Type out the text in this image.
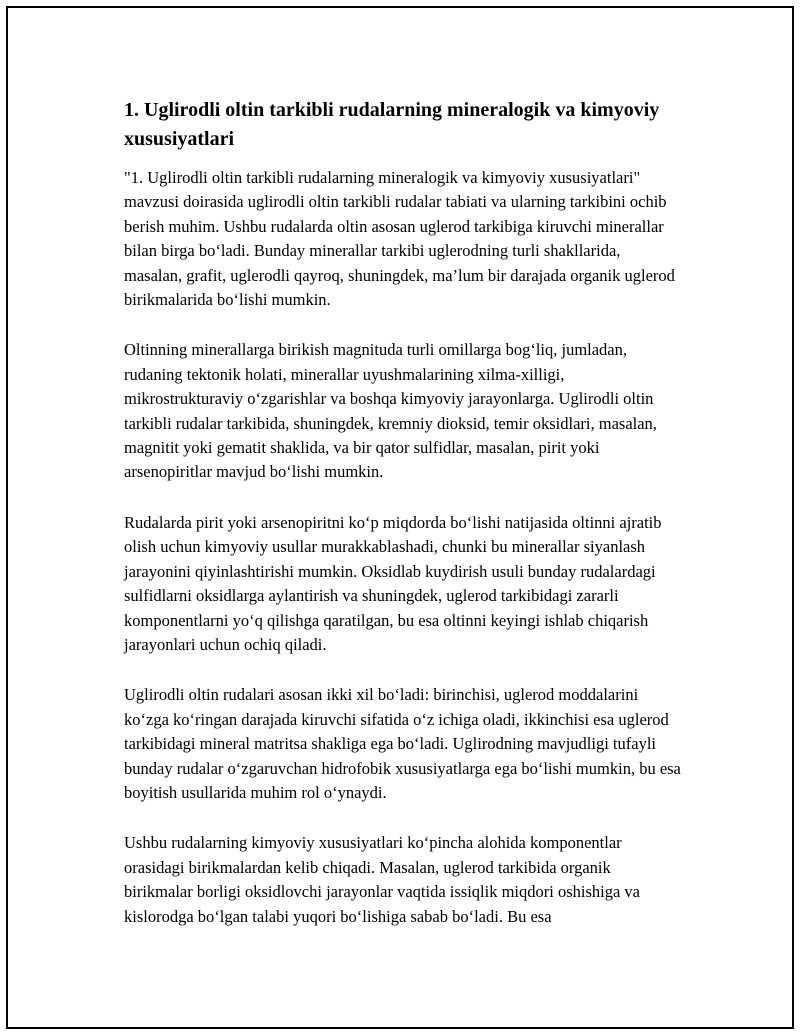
1. Uglirodli oltin tarkibli rudalarning mineralogik va kimyoviy xususiyatlari

"1. Uglirodli oltin tarkibli rudalarning mineralogik va kimyoviy xususiyatlari" mavzusi doirasida uglirodli oltin tarkibli rudalar tabiati va ularning tarkibini ochib berish muhim. Ushbu rudalarda oltin asosan uglerod tarkibiga kiruvchi minerallar bilan birga bo‘ladi. Bunday minerallar tarkibi uglerodning turli shakllarida, masalan, grafit, uglerodli qayroq, shuningdek, ma’lum bir darajada organik uglerod birikmalarida bo‘lishi mumkin.

Oltinning minerallarga birikish magnituda turli omillarga bog‘liq, jumladan, rudaning tektonik holati, minerallar uyushmalarining xilma-xilligi, mikrostrukturaviy o‘zgarishlar va boshqa kimyoviy jarayonlarga. Uglirodli oltin tarkibli rudalar tarkibida, shuningdek, kremniy dioksid, temir oksidlari, masalan, magnitit yoki gematit shaklida, va bir qator sulfidlar, masalan, pirit yoki arsenopiritlar mavjud bo‘lishi mumkin.

Rudalarda pirit yoki arsenopiritni ko‘p miqdorda bo‘lishi natijasida oltinni ajratib olish uchun kimyoviy usullar murakkablashadi, chunki bu minerallar siyanlash jarayonini qiyinlashtirishi mumkin. Oksidlab kuydirish usuli bunday rudalardagi sulfidlarni oksidlarga aylantirish va shuningdek, uglerod tarkibidagi zararli komponentlarni yo‘q qilishga qaratilgan, bu esa oltinni keyingi ishlab chiqarish jarayonlari uchun ochiq qiladi.

Uglirodli oltin rudalari asosan ikki xil bo‘ladi: birinchisi, uglerod moddalarini ko‘zga ko‘ringan darajada kiruvchi sifatida o‘z ichiga oladi, ikkinchisi esa uglerod tarkibidagi mineral matritsa shakliga ega bo‘ladi. Uglirodning mavjudligi tufayli bunday rudalar o‘zgaruvchan hidrofobik xususiyatlarga ega bo‘lishi mumkin, bu esa boyitish usullarida muhim rol o‘ynaydi.

Ushbu rudalarning kimyoviy xususiyatlari ko‘pincha alohida komponentlar orasidagi birikmalardan kelib chiqadi. Masalan, uglerod tarkibida organik birikmalar borligi oksidlovchi jarayonlar vaqtida issiqlik miqdori oshishiga va kislorodga bo‘lgan talabi yuqori bo‘lishiga sabab bo‘ladi. Bu esa
